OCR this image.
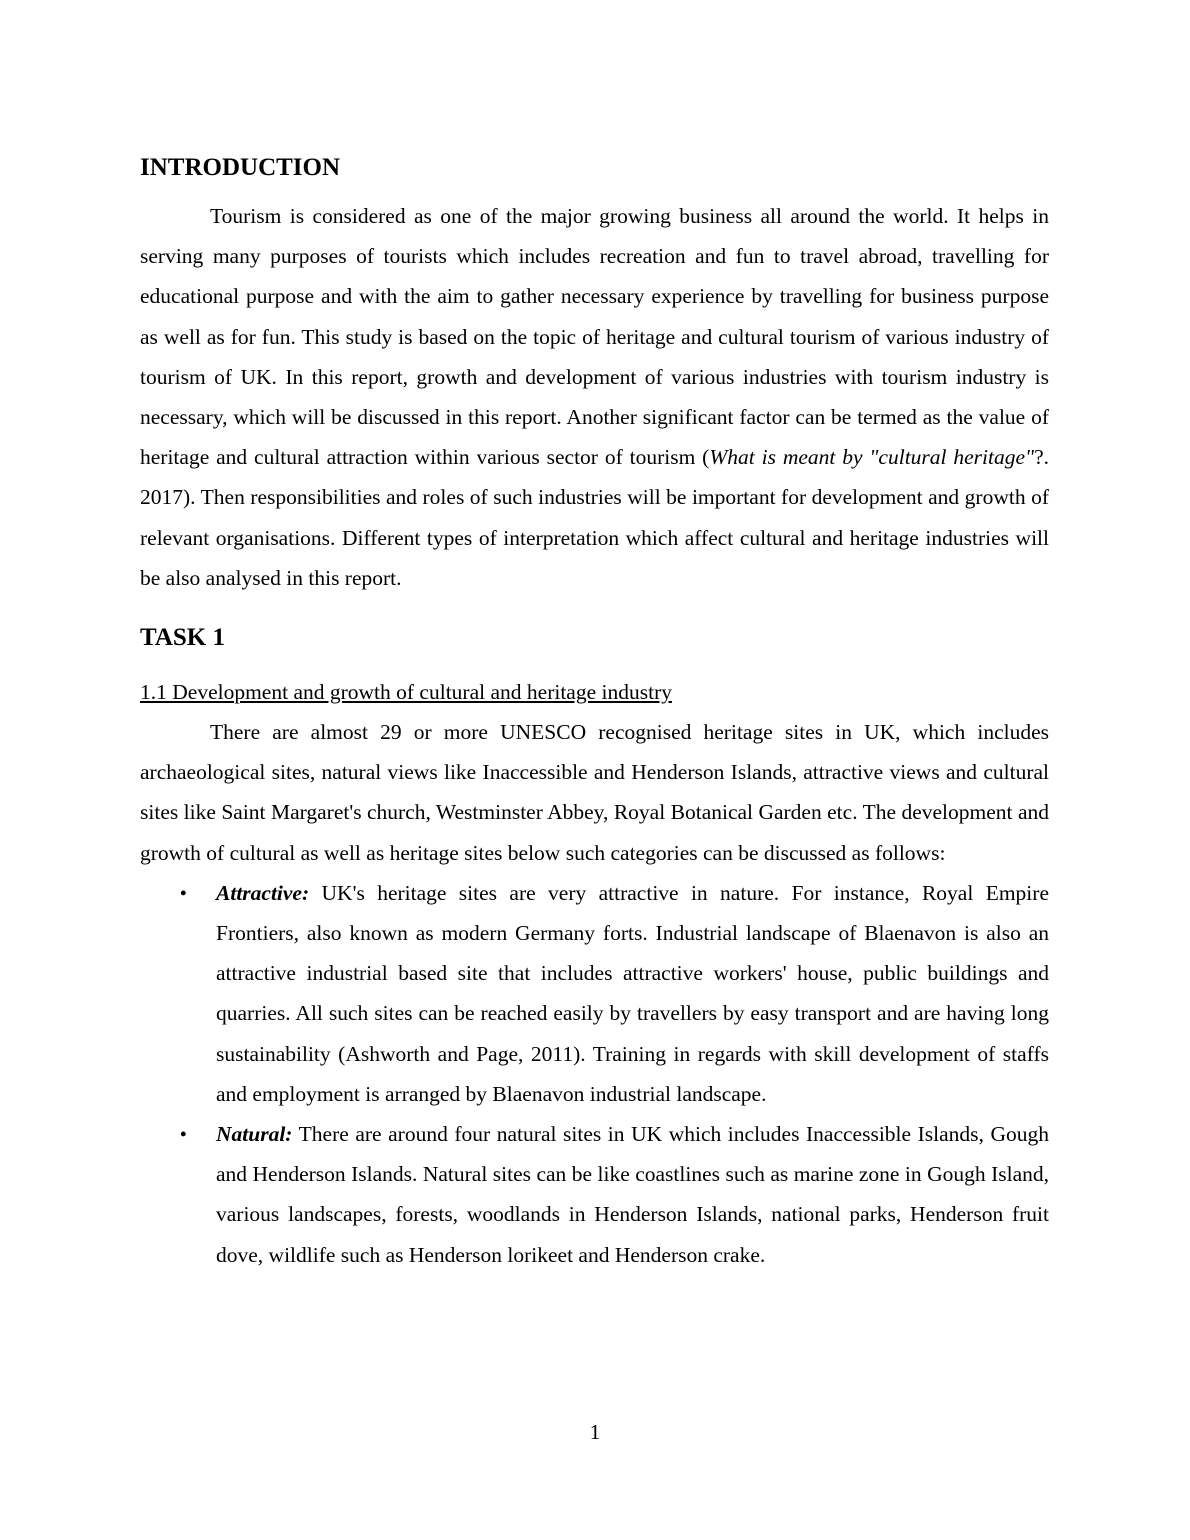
INTRODUCTION

Tourism is considered as one of the major growing business all around the world. It helps in serving many purposes of tourists which includes recreation and fun to travel abroad, travelling for educational purpose and with the aim to gather necessary experience by travelling for business purpose as well as for fun. This study is based on the topic of heritage and cultural tourism of various industry of tourism of UK. In this report, growth and development of various industries with tourism industry is necessary, which will be discussed in this report. Another significant factor can be termed as the value of heritage and cultural attraction within various sector of tourism (What is meant by "cultural heritage"?. 2017). Then responsibilities and roles of such industries will be important for development and growth of relevant organisations. Different types of interpretation which affect cultural and heritage industries will be also analysed in this report.

TASK 1
1.1 Development and growth of cultural and heritage industry

There are almost 29 or more UNESCO recognised heritage sites in UK, which includes archaeological sites, natural views like Inaccessible and Henderson Islands, attractive views and cultural sites like Saint Margaret's church, Westminster Abbey, Royal Botanical Garden etc. The development and growth of cultural as well as heritage sites below such categories can be discussed as follows:

• Attractive: UK's heritage sites are very attractive in nature. For instance, Royal Empire Frontiers, also known as modern Germany forts. Industrial landscape of Blaenavon is also an attractive industrial based site that includes attractive workers' house, public buildings and quarries. All such sites can be reached easily by travellers by easy transport and are having long sustainability (Ashworth and Page, 2011). Training in regards with skill development of staffs and employment is arranged by Blaenavon industrial landscape.
• Natural: There are around four natural sites in UK which includes Inaccessible Islands, Gough and Henderson Islands. Natural sites can be like coastlines such as marine zone in Gough Island, various landscapes, forests, woodlands in Henderson Islands, national parks, Henderson fruit dove, wildlife such as Henderson lorikeet and Henderson crake.
1
